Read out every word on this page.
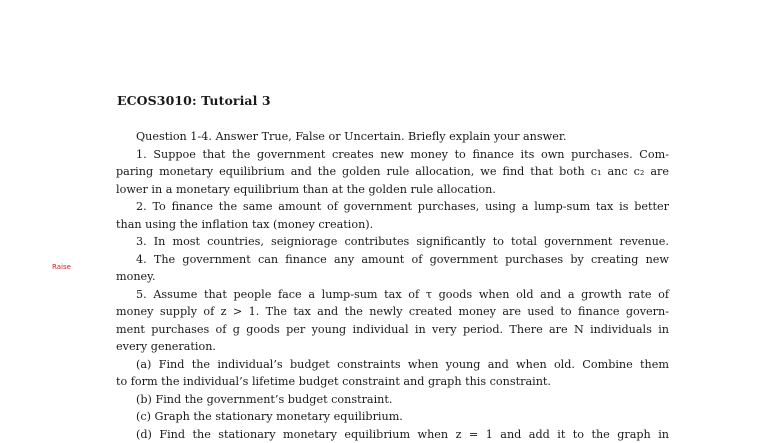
ECOS3010: Tutorial 3
Raise
Question 1-4. Answer True, False or Uncertain. Briefly explain your answer.
1. Suppoe that the government creates new money to finance its own purchases. Com-
paring monetary equilibrium and the golden rule allocation, we find that both c₁ anc c₂ are
lower in a monetary equilibrium than at the golden rule allocation.
2. To finance the same amount of government purchases, using a lump-sum tax is better
than using the inflation tax (money creation).
3. In most countries, seigniorage contributes significantly to total government revenue.
4. The government can finance any amount of government purchases by creating new
money.
5. Assume that people face a lump-sum tax of τ goods when old and a growth rate of
money supply of z > 1. The tax and the newly created money are used to finance govern-
ment purchases of g goods per young individual in very period. There are N individuals in
every generation.
(a) Find the individual’s budget constraints when young and when old. Combine them
to form the individual’s lifetime budget constraint and graph this constraint.
(b) Find the government’s budget constraint.
(c) Graph the stationary monetary equilibrium.
(d) Find the stationary monetary equilibrium when z = 1 and add it to the graph in
